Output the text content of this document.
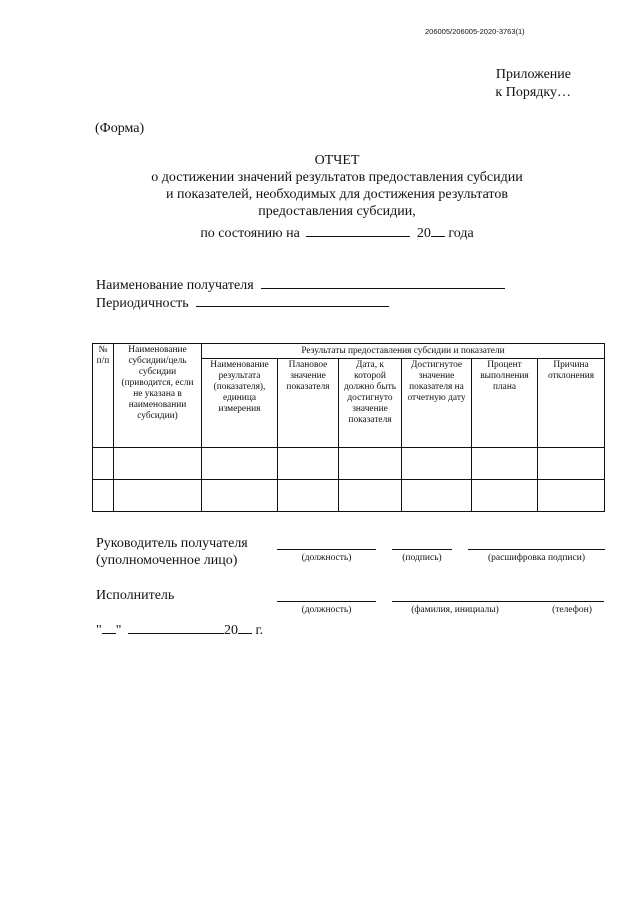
206005/206005-2020-3763(1)
Приложение
к Порядку…
(Форма)
ОТЧЕТ
о достижении значений результатов предоставления субсидии
и показателей, необходимых для достижения результатов
предоставления субсидии,
по состоянию на	20 года
Наименование получателя
Периодичность
№ п/п	Наименование субсидии/цель субсидии (приводится, если не указана в наименовании субсидии)	Результаты предоставления субсидии и показатели					
		Наименование результата (показателя), единица измерения	Плановое значение показателя	Дата, к которой должно быть достигнуто значение показателя	Достигнутое значение показателя на отчетную дату	Процент выполнения плана	Причина отклонения

Руководитель получателя
(уполномоченное лицо)	(должность)	(подпись)	(расшифровка подписи)
Исполнитель
(должность)	(фамилия, инициалы)	(телефон)
" "	20 г.
